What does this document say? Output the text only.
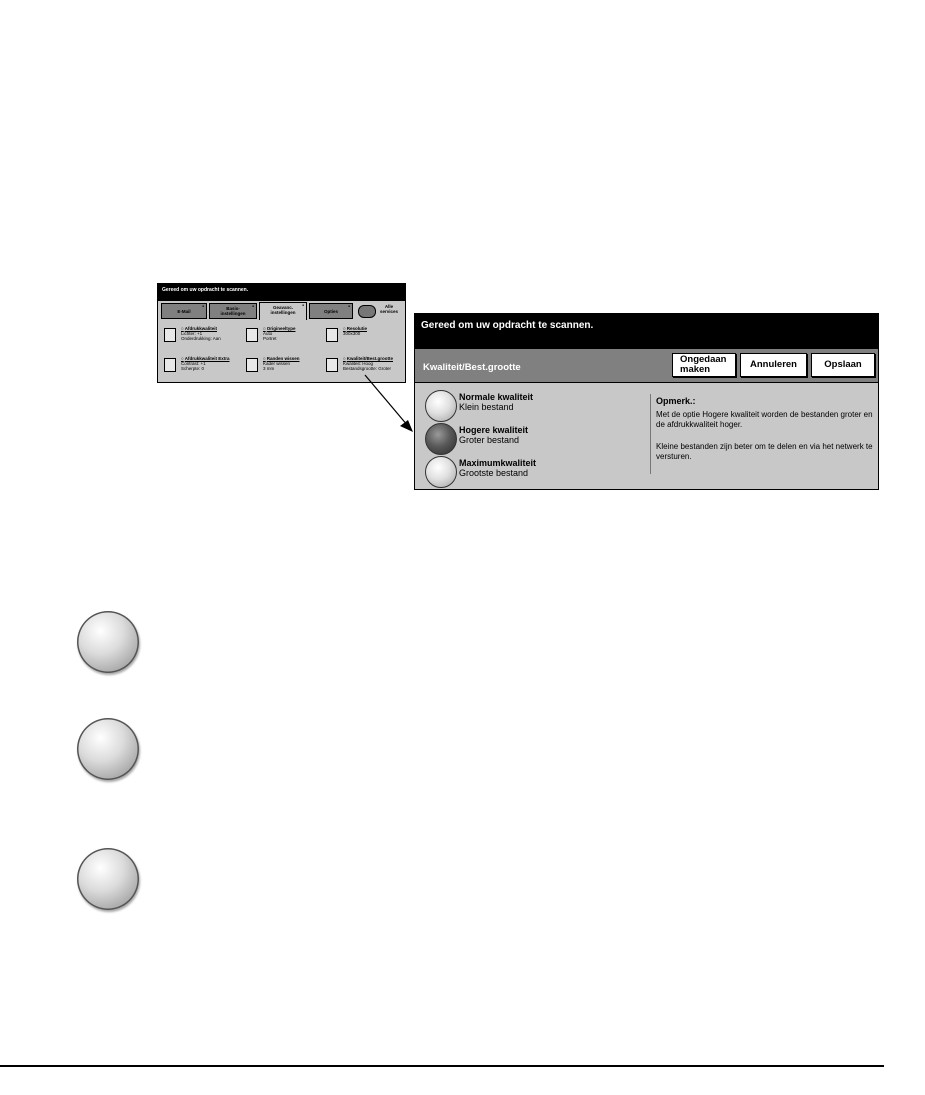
Gereed om uw opdracht te scannen.
E-Mail
•	Basis-
instellingen
•	Geavanc.
instellingen
•
Opties
•	Alle
services
○ Afdrukkwaliteit
Lichter: +1
Onderdrukking: Aan
○ Origineeltype
Auto
Portret
○ Resolutie
300x300
○ Afdrukkwaliteit Extra
Contrast: +1
Scherpte: 0
○ Randen wissen
Kader wissen
3 mm
○ Kwaliteit/Best.grootte
Kwaliteit: Hoog
Bestandsgrootte: Groter
Gereed om uw opdracht te scannen.
Kwaliteit/Best.grootte
Ongedaan
maken	Annuleren	Opslaan
Normale kwaliteit
Klein bestand
Hogere kwaliteit
Groter bestand
Maximumkwaliteit
Grootste bestand
Opmerk.:
Met de optie Hogere kwaliteit worden de bestanden groter en de afdrukkwaliteit hoger.
Kleine bestanden zijn beter om te delen en via het netwerk te versturen.
